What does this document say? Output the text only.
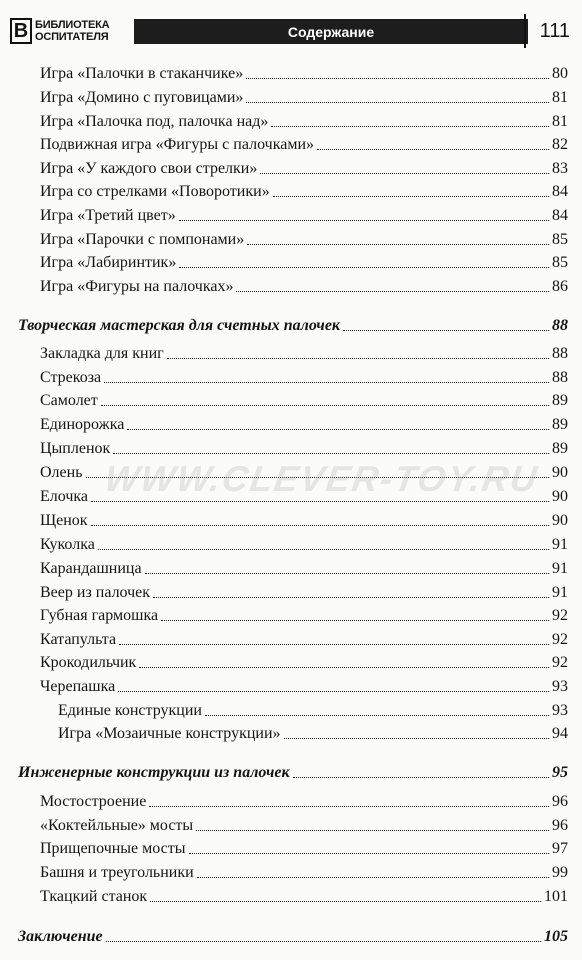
В БИБЛИОТЕКА
ОСПИТАТЕЛЯ	Содержание	111
Игра «Палочки в стаканчике»	80
Игра «Домино с пуговицами»	81
Игра «Палочка под, палочка над»	81
Подвижная игра «Фигуры с палочками»	82
Игра «У каждого свои стрелки»	83
Игра со стрелками «Поворотики»	84
Игра «Третий цвет»	84
Игра «Парочки с помпонами»	85
Игра «Лабиринтик»	85
Игра «Фигуры на палочках»	86
Творческая мастерская для счетных палочек	88
Закладка для книг	88
Стрекоза	88
Самолет	89
Единорожка	89
Цыпленок	89
Олень	90
Елочка	90
Щенок	90
Куколка	91
Карандашница	91
Веер из палочек	91
Губная гармошка	92
Катапульта	92
Крокодильчик	92
Черепашка	93
Единые конструкции	93
Игра «Мозаичные конструкции»	94
Инженерные конструкции из палочек	95
Мостостроение	96
«Коктейльные» мосты	96
Прищепочные мосты	97
Башня и треугольники	99
Ткацкий станок	101
Заключение	105
WWW.CLEVER-TOY.RU
